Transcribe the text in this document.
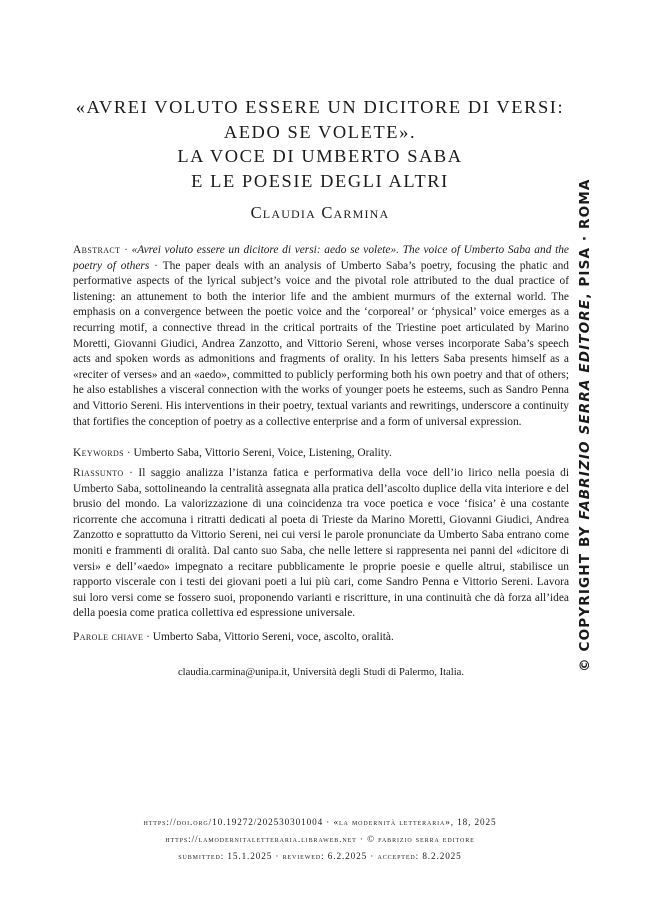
«AVREI VOLUTO ESSERE UN DICITORE DI VERSI:
AEDO SE VOLETE».
LA VOCE DI UMBERTO SABA
E LE POESIE DEGLI ALTRI

Claudia Carmina

Abstract · «Avrei voluto essere un dicitore di versi: aedo se volete». The voice of Umberto Saba and the poetry of others · The paper deals with an analysis of Umberto Saba’s poetry, focusing the phatic and performative aspects of the lyrical subject’s voice and the pivotal role attributed to the dual practice of listening: an attunement to both the interior life and the ambient murmurs of the external world. The emphasis on a convergence between the poetic voice and the ‘corporeal’ or ‘physical’ voice emerges as a recurring motif, a connective thread in the critical portraits of the Triestine poet articulated by Marino Moretti, Giovanni Giudici, Andrea Zanzotto, and Vittorio Sereni, whose verses incorporate Saba’s speech acts and spoken words as admonitions and fragments of orality. In his letters Saba presents himself as a «reciter of verses» and an «aedo», committed to publicly performing both his own poetry and that of others; he also establishes a visceral connection with the works of younger poets he esteems, such as Sandro Penna and Vittorio Sereni. His interventions in their poetry, textual variants and rewritings, underscore a continuity that fortifies the conception of poetry as a collective enterprise and a form of universal expression.

Keywords · Umberto Saba, Vittorio Sereni, Voice, Listening, Orality.

Riassunto · Il saggio analizza l’istanza fatica e performativa della voce dell’io lirico nella poesia di Umberto Saba, sottolineando la centralità assegnata alla pratica dell’ascolto duplice della vita interiore e del brusio del mondo. La valorizzazione di una coincidenza tra voce poetica e voce ‘fisica’ è una costante ricorrente che accomuna i ritratti dedicati al poeta di Trieste da Marino Moretti, Giovanni Giudici, Andrea Zanzotto e soprattutto da Vittorio Sereni, nei cui versi le parole pronunciate da Umberto Saba entrano come moniti e frammenti di oralità. Dal canto suo Saba, che nelle lettere si rappresenta nei panni del «dicitore di versi» e dell’«aedo» impegnato a recitare pubblicamente le proprie poesie e quelle altrui, stabilisce un rapporto viscerale con i testi dei giovani poeti a lui più cari, come Sandro Penna e Vittorio Sereni. Lavora sui loro versi come se fossero suoi, proponendo varianti e riscritture, in una continuità che dà forza all’idea della poesia come pratica collettiva ed espressione universale.

Parole chiave · Umberto Saba, Vittorio Sereni, voce, ascolto, oralità.

claudia.carmina@unipa.it, Università degli Studi di Palermo, Italia.

https://doi.org/10.19272/202530301004 · «la modernità letteraria», 18, 2025

https://lamodernitaletteraria.libraweb.net · © fabrizio serra editore

submitted: 15.1.2025 · reviewed: 6.2.2025 · accepted: 8.2.2025

© COPYRIGHT BY FABRIZIO SERRA EDITORE, PISA · ROMA
